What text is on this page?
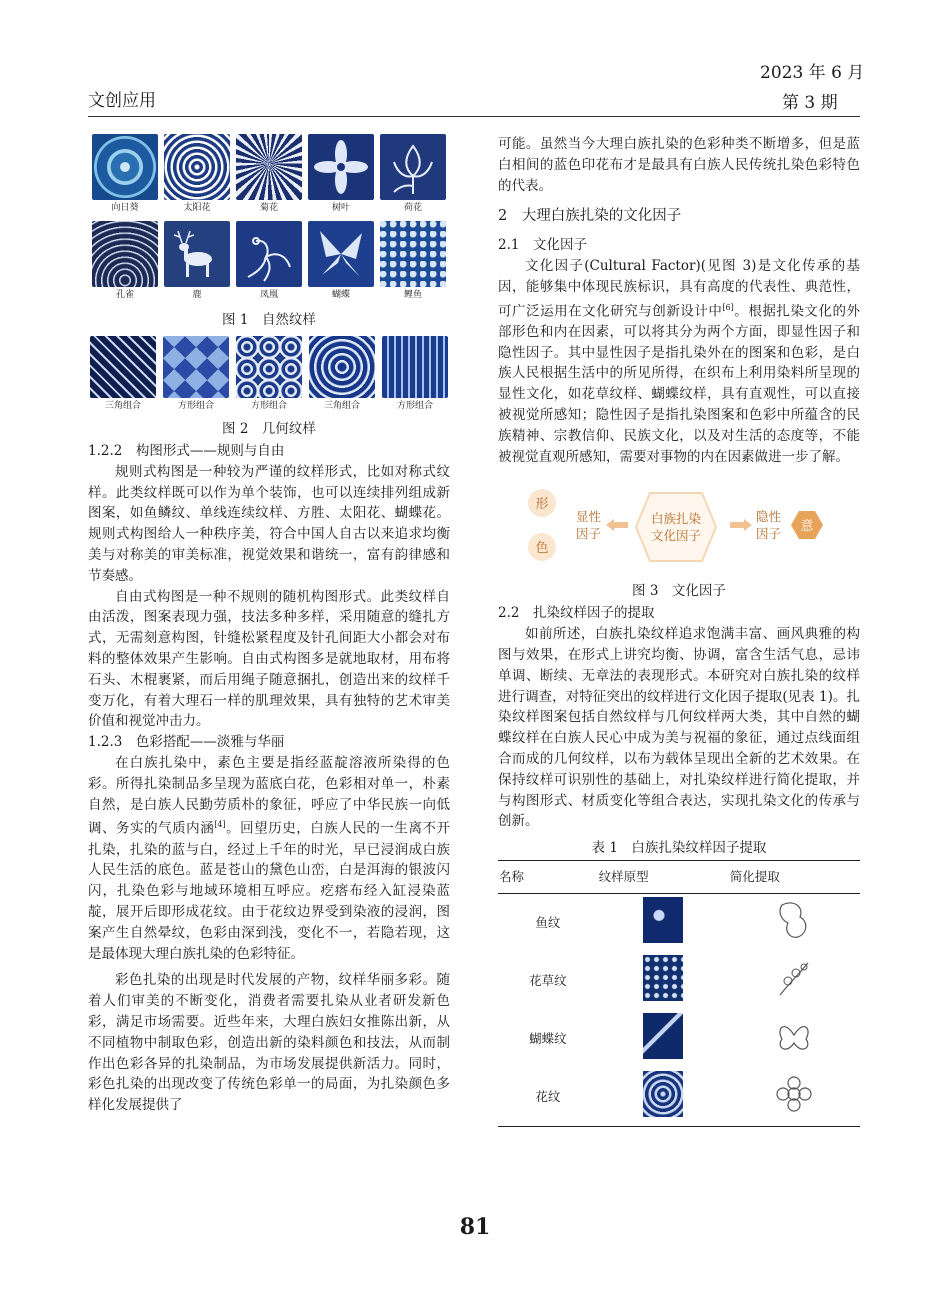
文创应用
2023 年 6 月
第 3 期
向日葵	太阳花	菊花	树叶	荷花
孔雀	鹿	凤凰	蝴蝶	鲤鱼
图 1　自然纹样
三角组合	方形组合	方形组合	三角组合	方形组合
图 2　几何纹样

1.2.2　构图形式——规则与自由

规则式构图是一种较为严谨的纹样形式，比如对称式纹样。此类纹样既可以作为单个装饰，也可以连续排列组成新图案，如鱼鳞纹、单线连续纹样、方胜、太阳花、蝴蝶花。规则式构图给人一种秩序美，符合中国人自古以来追求均衡美与对称美的审美标准，视觉效果和谐统一，富有韵律感和节奏感。

自由式构图是一种不规则的随机构图形式。此类纹样自由活泼，图案表现力强，技法多种多样，采用随意的缝扎方式，无需刻意构图，针缝松紧程度及针孔间距大小都会对布料的整体效果产生影响。自由式构图多是就地取材，用布将石头、木棍裹紧，而后用绳子随意捆扎，创造出来的纹样千变万化，有着大理石一样的肌理效果，具有独特的艺术审美价值和视觉冲击力。

1.2.3　色彩搭配——淡雅与华丽

在白族扎染中，素色主要是指经蓝靛溶液所染得的色彩。所得扎染制品多呈现为蓝底白花，色彩相对单一，朴素自然，是白族人民勤劳质朴的象征，呼应了中华民族一向低调、务实的气质内涵[4]。回望历史，白族人民的一生离不开扎染，扎染的蓝与白，经过上千年的时光，早已浸润成白族人民生活的底色。蓝是苍山的黛色山峦，白是洱海的银波闪闪，扎染色彩与地域环境相互呼应。疙瘩布经入缸浸染蓝靛，展开后即形成花纹。由于花纹边界受到染液的浸润，图案产生自然晕纹，色彩由深到浅，变化不一，若隐若现，这是最体现大理白族扎染的色彩特征。

彩色扎染的出现是时代发展的产物，纹样华丽多彩。随着人们审美的不断变化，消费者需要扎染从业者研发新色彩，满足市场需要。近些年来，大理白族妇女推陈出新，从不同植物中制取色彩，创造出新的染料颜色和技法，从而制作出色彩各异的扎染制品，为市场发展提供新活力。同时，彩色扎染的出现改变了传统色彩单一的局面，为扎染颜色多样化发展提供了

可能。虽然当今大理白族扎染的色彩种类不断增多，但是蓝白相间的蓝色印花布才是最具有白族人民传统扎染色彩特色的代表。

2　大理白族扎染的文化因子

2.1　文化因子

文化因子(Cultural Factor)(见图 3)是文化传承的基因，能够集中体现民族标识，具有高度的代表性、典范性，可广泛运用在文化研究与创新设计中[6]。根据扎染文化的外部形色和内在因素，可以将其分为两个方面，即显性因子和隐性因子。其中显性因子是指扎染外在的图案和色彩，是白族人民根据生活中的所见所得，在织布上利用染料所呈现的显性文化，如花草纹样、蝴蝶纹样，具有直观性，可以直接被视觉所感知；隐性因子是指扎染图案和色彩中所蕴含的民族精神、宗教信仰、民族文化，以及对生活的态度等，不能被视觉直观所感知，需要对事物的内在因素做进一步了解。

形
色
显性
因子
白族扎染
文化因子
隐性
因子 意
图 3　文化因子

2.2　扎染纹样因子的提取

如前所述，白族扎染纹样追求饱满丰富、画风典雅的构图与效果，在形式上讲究均衡、协调，富含生活气息，忌讳单调、断续、无章法的表现形式。本研究对白族扎染的纹样进行调查，对特征突出的纹样进行文化因子提取(见表 1)。扎染纹样图案包括自然纹样与几何纹样两大类，其中自然的蝴蝶纹样在白族人民心中成为美与祝福的象征，通过点线面组合而成的几何纹样，以布为载体呈现出全新的艺术效果。在保持纹样可识别性的基础上，对扎染纹样进行简化提取，并与构图形式、材质变化等组合表达，实现扎染文化的传承与创新。

表 1　白族扎染纹样因子提取
名称	纹样原型	简化提取
鱼纹		
花草纹		
蝴蝶纹		
花纹		
81
